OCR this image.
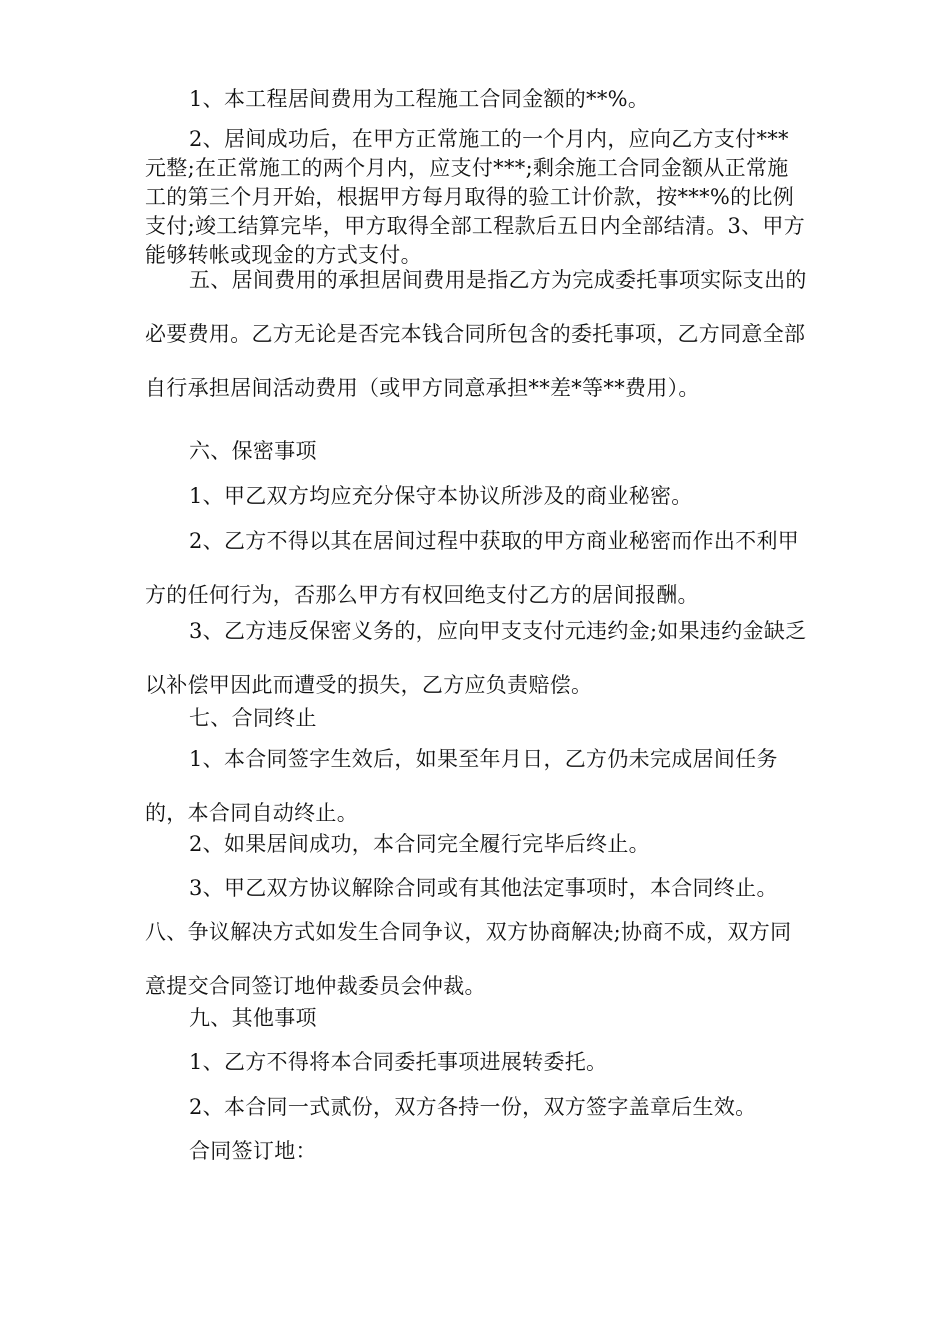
1、本工程居间费用为工程施工合同金额的**%。

2、居间成功后，在甲方正常施工的一个月内，应向乙方支付***元整;在正常施工的两个月内，应支付***;剩余施工合同金额从正常施工的第三个月开始，根据甲方每月取得的验工计价款，按***%的比例支付;竣工结算完毕，甲方取得全部工程款后五日内全部结清。3、甲方能够转帐或现金的方式支付。

五、居间费用的承担居间费用是指乙方为完成委托事项实际支出的必要费用。乙方无论是否完本钱合同所包含的委托事项，乙方同意全部自行承担居间活动费用（或甲方同意承担**差*等**费用）。

六、保密事项

1、甲乙双方均应充分保守本协议所涉及的商业秘密。

2、乙方不得以其在居间过程中获取的甲方商业秘密而作出不利甲方的任何行为，否那么甲方有权回绝支付乙方的居间报酬。

3、乙方违反保密义务的，应向甲支支付元违约金;如果违约金缺乏以补偿甲因此而遭受的损失，乙方应负责赔偿。

七、合同终止

1、本合同签字生效后，如果至年月日，乙方仍未完成居间任务的，本合同自动终止。

2、如果居间成功，本合同完全履行完毕后终止。

3、甲乙双方协议解除合同或有其他法定事项时，本合同终止。

八、争议解决方式如发生合同争议，双方协商解决;协商不成，双方同意提交合同签订地仲裁委员会仲裁。

九、其他事项

1、乙方不得将本合同委托事项进展转委托。

2、本合同一式贰份，双方各持一份，双方签字盖章后生效。

合同签订地：
